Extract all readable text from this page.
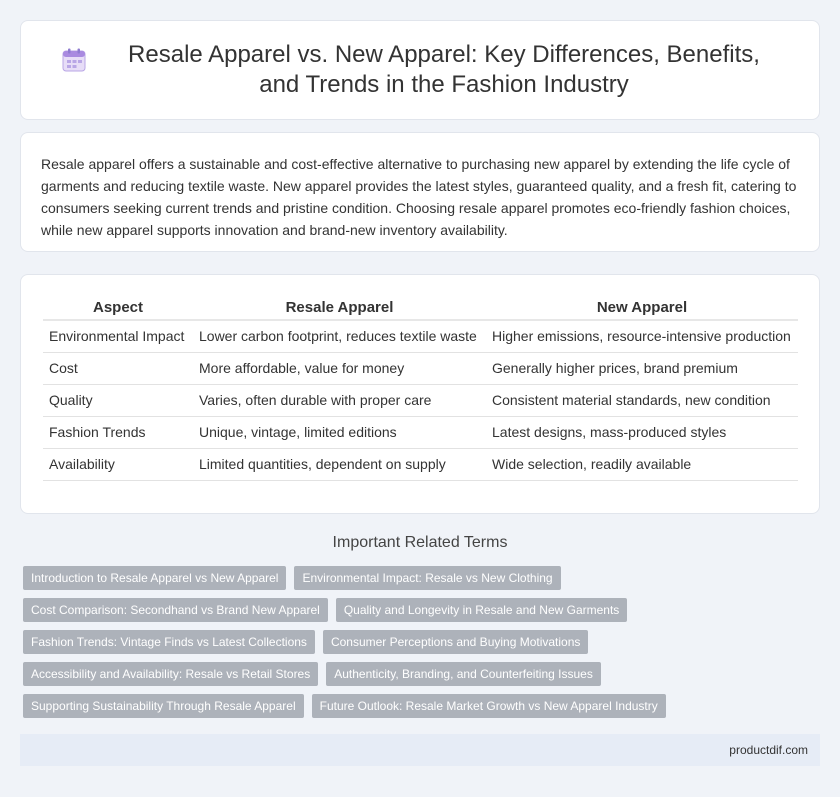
Resale Apparel vs. New Apparel: Key Differences, Benefits, and Trends in the Fashion Industry

Resale apparel offers a sustainable and cost-effective alternative to purchasing new apparel by extending the life cycle of garments and reducing textile waste. New apparel provides the latest styles, guaranteed quality, and a fresh fit, catering to consumers seeking current trends and pristine condition. Choosing resale apparel promotes eco-friendly fashion choices, while new apparel supports innovation and brand-new inventory availability.

Aspect	Resale Apparel	New Apparel
Environmental Impact	Lower carbon footprint, reduces textile waste	Higher emissions, resource-intensive production
Cost	More affordable, value for money	Generally higher prices, brand premium
Quality	Varies, often durable with proper care	Consistent material standards, new condition
Fashion Trends	Unique, vintage, limited editions	Latest designs, mass-produced styles
Availability	Limited quantities, dependent on supply	Wide selection, readily available
Important Related Terms
Introduction to Resale Apparel vs New Apparel	Environmental Impact: Resale vs New Clothing
Cost Comparison: Secondhand vs Brand New Apparel	Quality and Longevity in Resale and New Garments
Fashion Trends: Vintage Finds vs Latest Collections	Consumer Perceptions and Buying Motivations
Accessibility and Availability: Resale vs Retail Stores	Authenticity, Branding, and Counterfeiting Issues
Supporting Sustainability Through Resale Apparel	Future Outlook: Resale Market Growth vs New Apparel Industry
productdif.com
